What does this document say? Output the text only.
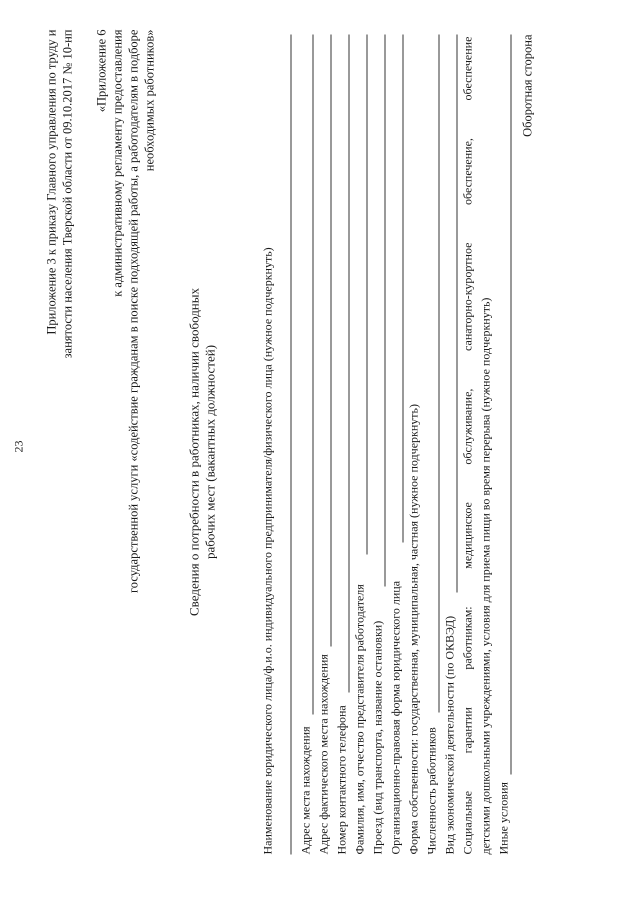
23
Приложение 3 к приказу Главного управления по труду и занятости населения Тверской области от 09.10.2017 № 10-нп «Приложение 6 к административному регламенту предоставления государственной услуги «содействие гражданам в поиске подходящей работы, а работодателям в подборе необходимых работников»
Сведения о потребности в работниках, наличии свободных рабочих мест (вакантных должностей)	Наименование юридического лица/ф.и.о. индивидуального предпринимателя/физического лица (нужное подчеркнуть) Адрес места нахождения Адрес фактического места нахождения Номер контактного телефона Фамилия, имя, отчество представителя работодателя Проезд (вид транспорта, название остановки) Организационно-правовая форма юридического лица Форма собственности: государственная, муниципальная, частная (нужное подчеркнуть) Численность работников Вид экономической деятельности (по ОКВЭД) Социальные
гарантии
работникам:
медицинское
обслуживание,
санаторно-курортное
обеспечение,
обеспечение
детскими дошкольными учреждениями, условия для приема пищи во время перерыва (нужное подчеркнуть) Иные условия
Оборотная сторона
